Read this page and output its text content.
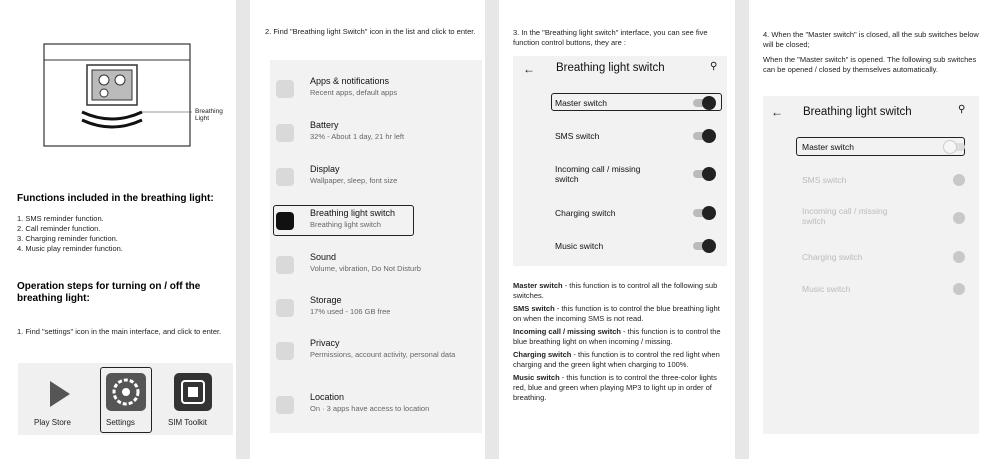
Breathing
Light
Functions included in the breathing light:
1. SMS reminder function.
2. Call reminder function.
3. Charging reminder function.
4. Music play reminder function.
Operation steps for turning on / off the breathing light:
1. Find "settings" icon in the main interface, and click to enter.
Play Store	Settings	SIM Toolkit
2. Find "Breathing light Switch" icon in the list and click to enter.
Apps & notifications
Recent apps, default apps
Battery
32% - About 1 day, 21 hr left
Display
Wallpaper, sleep, font size
Breathing light switch
Breathing light switch
Sound
Volume, vibration, Do Not Disturb
Storage
17% used - 106 GB free
Privacy
Permissions, account activity, personal data
Location
On · 3 apps have access to location
3. In the "Breathing light switch" interface, you can see five function control buttons, they are :
← Breathing light switch	⚲
Master switch
SMS switch
Incoming call / missing switch
Charging switch
Music switch

Master switch - this function is to control all the following sub switches.

SMS switch - this function is to control the blue breathing light on when the incoming SMS is not read.

Incoming call / missing switch - this function is to control the blue breathing light on when incoming / missing.

Charging switch - this function is to control the red light when charging and the green light when charging to 100%.

Music switch - this function is to control the three-color lights red, blue and green when playing MP3 to light up in order of breathing.

4. When the "Master switch" is closed, all the sub switches below will be closed;
When the "Master switch" is opened. The following sub switches can be opened / closed by themselves automatically.
← Breathing light switch	⚲
Master switch
SMS switch
Incoming call / missing switch
Charging switch
Music switch
